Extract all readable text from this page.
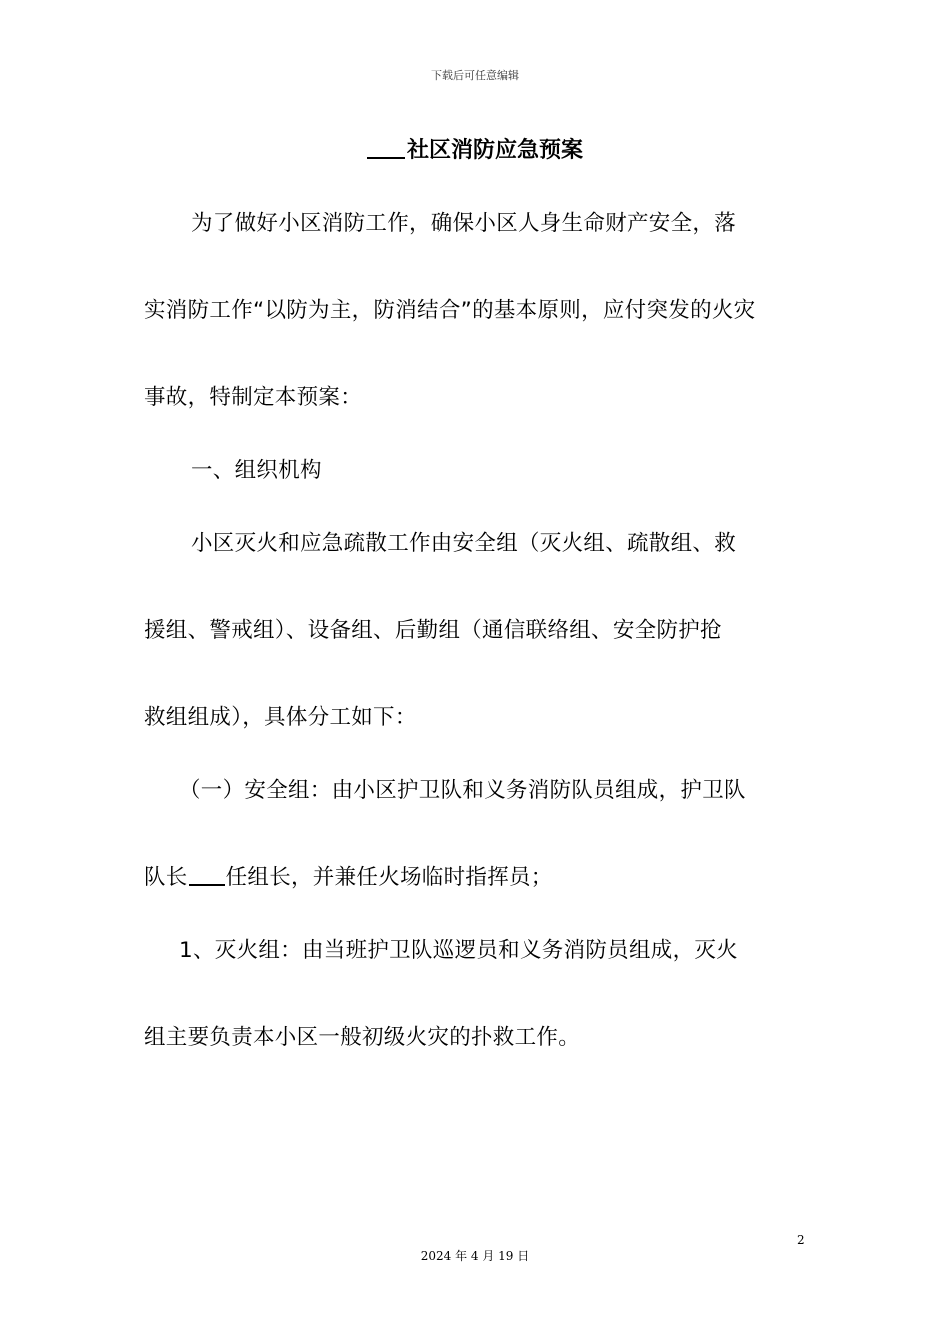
下载后可任意编辑
社区消防应急预案
为了做好小区消防工作，确保小区人身生命财产安全，落
实消防工作“以防为主，防消结合”的基本原则，应付突发的火灾
事故，特制定本预案：
一、组织机构
小区灭火和应急疏散工作由安全组（灭火组、疏散组、救
援组、警戒组）、设备组、后勤组（通信联络组、安全防护抢
救组组成），具体分工如下：
（一）安全组：由小区护卫队和义务消防队员组成，护卫队
队长 任组长，并兼任火场临时指挥员；
1、灭火组：由当班护卫队巡逻员和义务消防员组成，灭火
组主要负责本小区一般初级火灾的扑救工作。
2
2024 年 4 月 19 日
